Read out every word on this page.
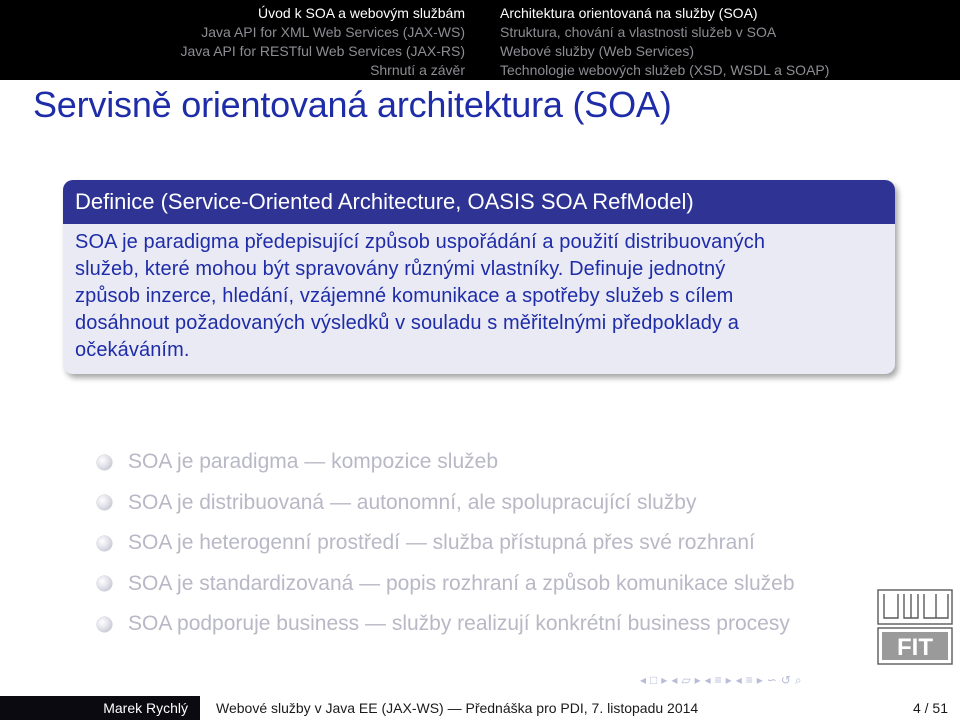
Úvod k SOA a webovým službám
Java API for XML Web Services (JAX-WS)
Java API for RESTful Web Services (JAX-RS)
Shrnutí a závěr
Architektura orientovaná na služby (SOA)
Struktura, chování a vlastnosti služeb v SOA
Webové služby (Web Services)
Technologie webových služeb (XSD, WSDL a SOAP)
Servisně orientovaná architektura (SOA)
Definice (Service-Oriented Architecture, OASIS SOA RefModel)
SOA je paradigma předepisující způsob uspořádání a použití distribuovaných
služeb, které mohou být spravovány různými vlastníky. Definuje jednotný
způsob inzerce, hledání, vzájemné komunikace a spotřeby služeb s cílem
dosáhnout požadovaných výsledků v souladu s měřitelnými předpoklady a
očekáváním.
SOA je paradigma — kompozice služeb
SOA je distribuovaná — autonomní, ale spolupracující služby
SOA je heterogenní prostředí — služba přístupná přes své rozhraní
SOA je standardizovaná — popis rozhraní a způsob komunikace služeb
SOA podporuje business — služby realizují konkrétní business procesy
FIT
◂ □ ▸ ◂ ▱ ▸ ◂ ≡ ▸ ◂ ≡ ▸ ∽ ↺ ⌕
Marek Rychlý	Webové služby v Java EE (JAX-WS) — Přednáška pro PDI, 7. listopadu 2014	4 / 51
